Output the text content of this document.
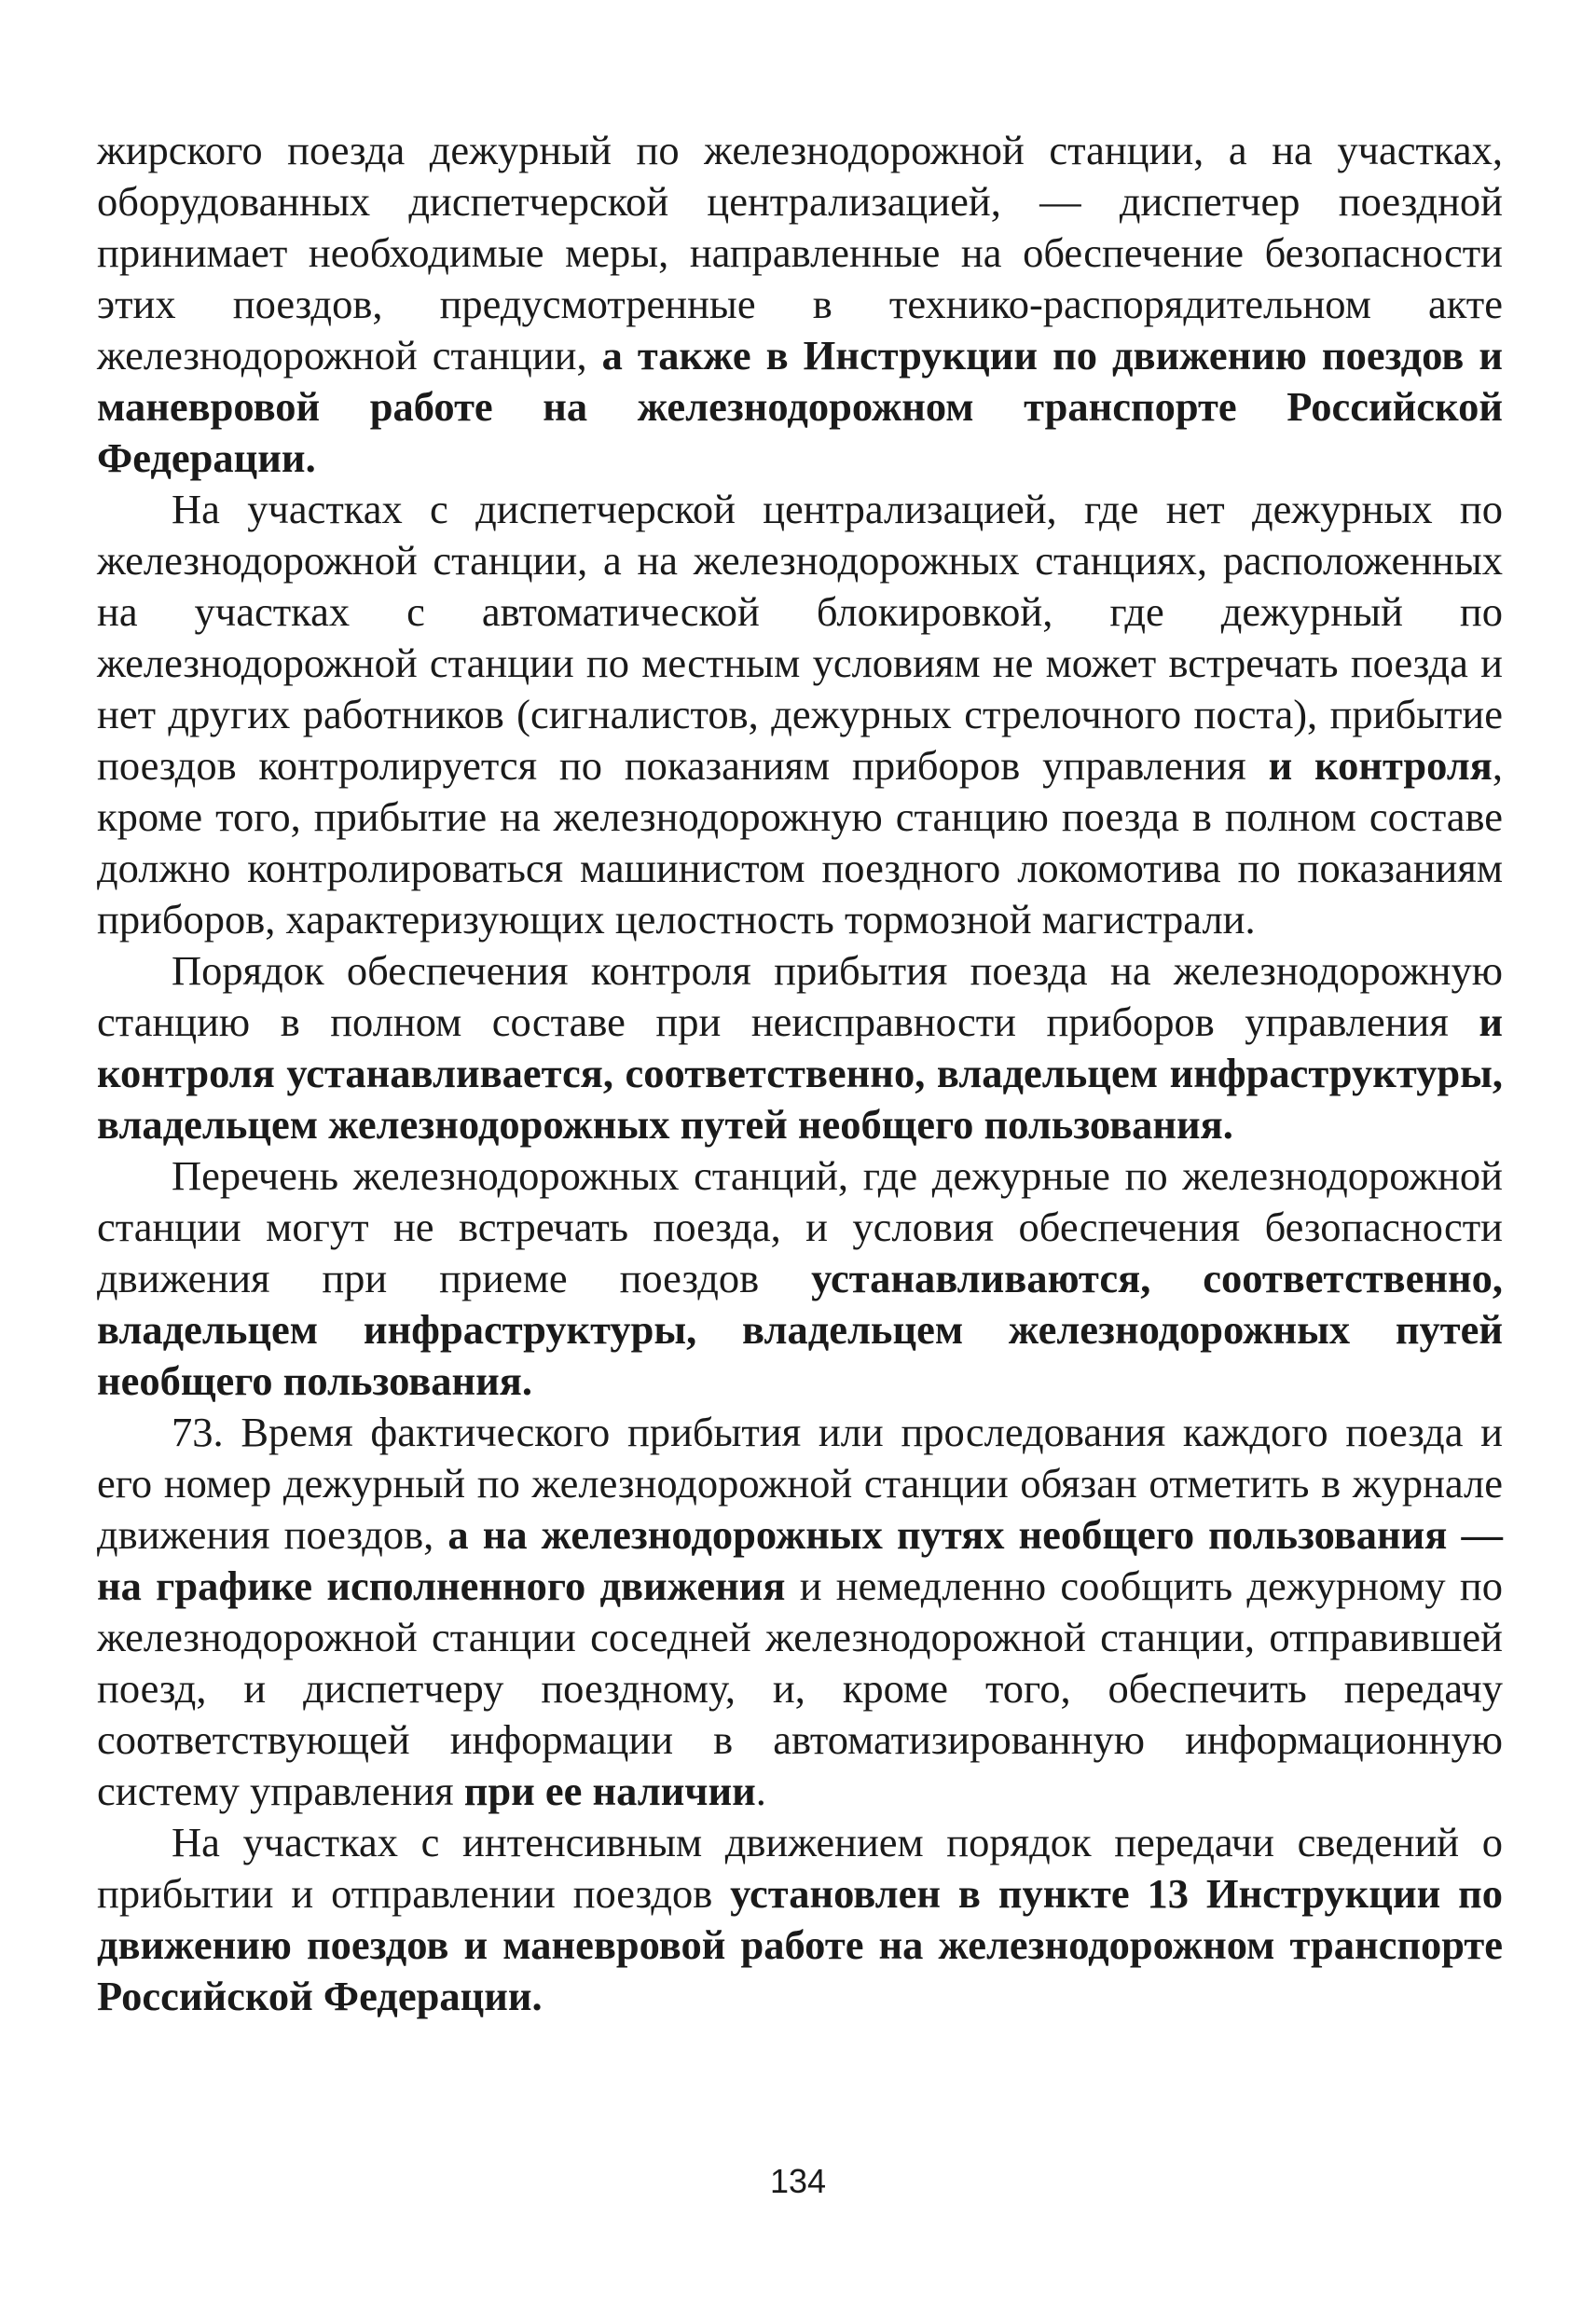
жирского поезда дежурный по железнодорожной станции, а на участках, оборудованных диспетчерской централизацией, — диспетчер поездной принимает необходимые меры, направленные на обеспечение безопасности этих поездов, предусмотренные в технико-распорядительном акте железнодорожной станции, а также в Инструкции по движению поездов и маневровой работе на железнодорожном транспорте Российской Федерации.

На участках с диспетчерской централизацией, где нет дежурных по железнодорожной станции, а на железнодорожных станциях, расположенных на участках с автоматической блокировкой, где дежурный по железнодорожной станции по местным условиям не может встречать поезда и нет других работников (сигналистов, дежурных стрелочного поста), прибытие поездов контролируется по показаниям приборов управления и контроля, кроме того, прибытие на железнодорожную станцию поезда в полном составе должно контролироваться машинистом поездного локомотива по показаниям приборов, характеризующих целостность тормозной магистрали.

Порядок обеспечения контроля прибытия поезда на железнодорожную станцию в полном составе при неисправности приборов управления и контроля устанавливается, соответственно, владельцем инфраструктуры, владельцем железнодорожных путей необщего пользования.

Перечень железнодорожных станций, где дежурные по железнодорожной станции могут не встречать поезда, и условия обеспечения безопасности движения при приеме поездов устанавливаются, соответственно, владельцем инфраструктуры, владельцем железнодорожных путей необщего пользования.

73. Время фактического прибытия или проследования каждого поезда и его номер дежурный по железнодорожной станции обязан отметить в журнале движения поездов, а на железнодорожных путях необщего пользования — на графике исполненного движения и немедленно сообщить дежурному по железнодорожной станции соседней железнодорожной станции, отправившей поезд, и диспетчеру поездному, и, кроме того, обеспечить передачу соответствующей информации в автоматизированную информационную систему управления при ее наличии.

На участках с интенсивным движением порядок передачи сведений о прибытии и отправлении поездов установлен в пункте 13 Инструкции по движению поездов и маневровой работе на железнодорожном транспорте Российской Федерации.

134
